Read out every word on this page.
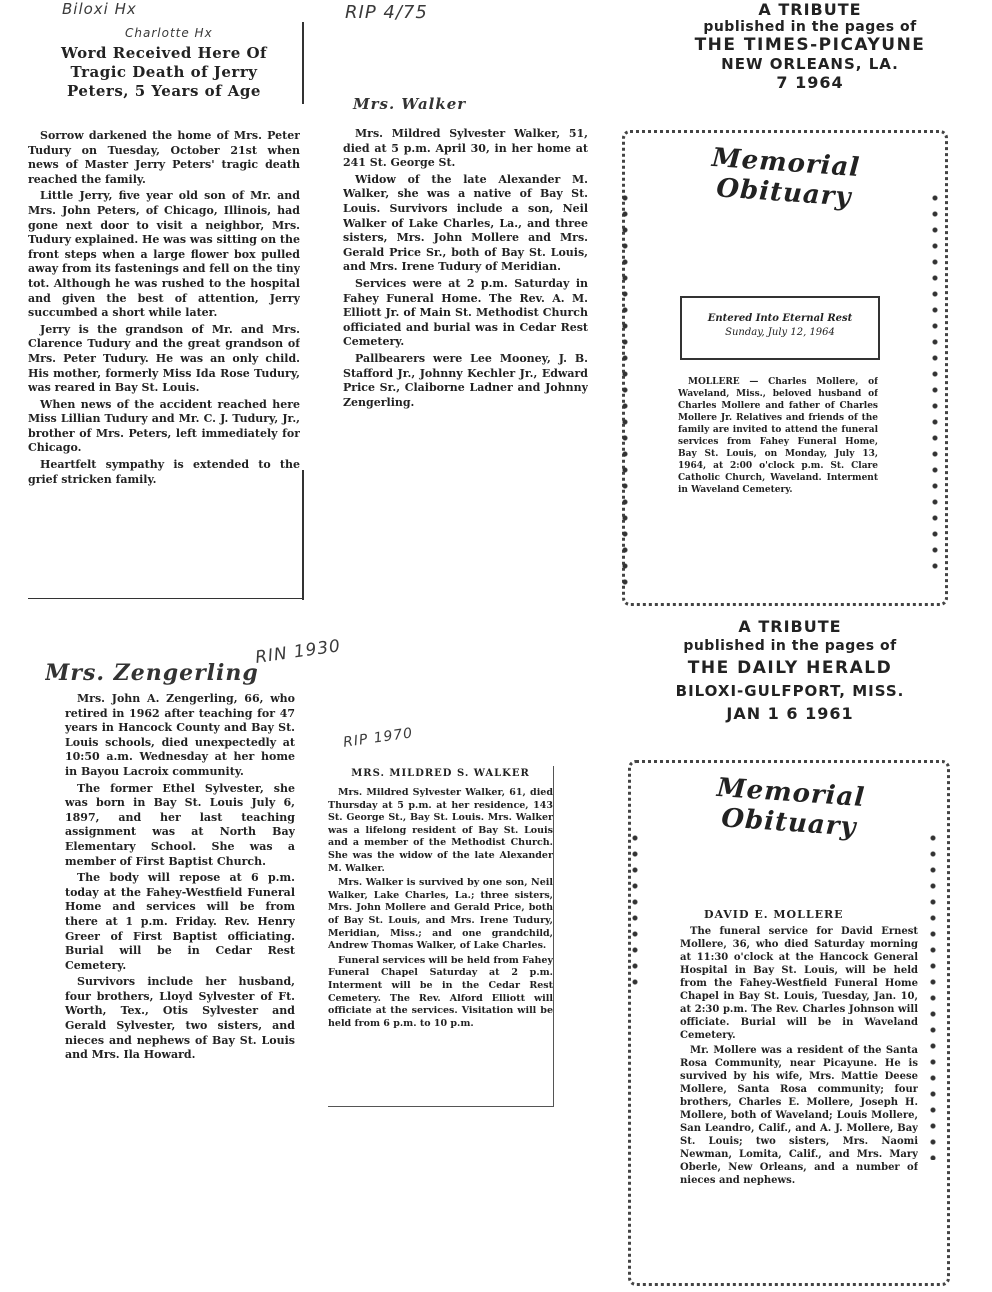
Biloxi Hx
Charlotte Hx
RIP 4/75
RIN 1930
RIP 1970
Word Received Here Of
Tragic Death of Jerry
Peters, 5 Years of Age

Sorrow darkened the home of Mrs. Peter Tudury on Tuesday, October 21st when news of Master Jerry Peters' tragic death reached the family.

Little Jerry, five year old son of Mr. and Mrs. John Peters, of Chicago, Illinois, had gone next door to visit a neighbor, Mrs. Tudury explained. He was was sitting on the front steps when a large flower box pulled away from its fastenings and fell on the tiny tot. Although he was rushed to the hospital and given the best of attention, Jerry succumbed a short while later.

Jerry is the grandson of Mr. and Mrs. Clarence Tudury and the great grandson of Mrs. Peter Tudury. He was an only child. His mother, formerly Miss Ida Rose Tudury, was reared in Bay St. Louis.

When news of the accident reached here Miss Lillian Tudury and Mr. C. J. Tudury, Jr., brother of Mrs. Peters, left immediately for Chicago.

Heartfelt sympathy is extended to the grief stricken family.

Mrs. Walker

Mrs. Mildred Sylvester Walker, 51, died at 5 p.m. April 30, in her home at 241 St. George St.

Widow of the late Alexander M. Walker, she was a native of Bay St. Louis. Survivors include a son, Neil Walker of Lake Charles, La., and three sisters, Mrs. John Mollere and Mrs. Gerald Price Sr., both of Bay St. Louis, and Mrs. Irene Tudury of Meridian.

Services were at 2 p.m. Saturday in Fahey Funeral Home. The Rev. A. M. Elliott Jr. of Main St. Methodist Church officiated and burial was in Cedar Rest Cemetery.

Pallbearers were Lee Mooney, J. B. Stafford Jr., Johnny Kechler Jr., Edward Price Sr., Claiborne Ladner and Johnny Zengerling.

A TRIBUTE
published in the pages of
THE TIMES-PICAYUNE
NEW ORLEANS, LA.
7 1964
Memorial Obituary
Entered Into Eternal Rest
Sunday, July 12, 1964

MOLLERE — Charles Mollere, of Waveland, Miss., beloved husband of Charles Mollere and father of Charles Mollere Jr. Relatives and friends of the family are invited to attend the funeral services from Fahey Funeral Home, Bay St. Louis, on Monday, July 13, 1964, at 2:00 o'clock p.m. St. Clare Catholic Church, Waveland. Interment in Waveland Cemetery.

A TRIBUTE
published in the pages of
THE DAILY HERALD
BILOXI-GULFPORT, MISS.
JAN 1 6 1961
Mrs. Zengerling

Mrs. John A. Zengerling, 66, who retired in 1962 after teaching for 47 years in Hancock County and Bay St. Louis schools, died unexpectedly at 10:50 a.m. Wednesday at her home in Bayou Lacroix community.

The former Ethel Sylvester, she was born in Bay St. Louis July 6, 1897, and her last teaching assignment was at North Bay Elementary School. She was a member of First Baptist Church.

The body will repose at 6 p.m. today at the Fahey-Westfield Funeral Home and services will be from there at 1 p.m. Friday. Rev. Henry Greer of First Baptist officiating. Burial will be in Cedar Rest Cemetery.

Survivors include her husband, four brothers, Lloyd Sylvester of Ft. Worth, Tex., Otis Sylvester and Gerald Sylvester, two sisters, and nieces and nephews of Bay St. Louis and Mrs. Ila Howard.

MRS. MILDRED S. WALKER

Mrs. Mildred Sylvester Walker, 61, died Thursday at 5 p.m. at her residence, 143 St. George St., Bay St. Louis. Mrs. Walker was a lifelong resident of Bay St. Louis and a member of the Methodist Church. She was the widow of the late Alexander M. Walker.

Mrs. Walker is survived by one son, Neil Walker, Lake Charles, La.; three sisters, Mrs. John Mollere and Gerald Price, both of Bay St. Louis, and Mrs. Irene Tudury, Meridian, Miss.; and one grandchild, Andrew Thomas Walker, of Lake Charles.

Funeral services will be held from Fahey Funeral Chapel Saturday at 2 p.m. Interment will be in the Cedar Rest Cemetery. The Rev. Alford Elliott will officiate at the services. Visitation will be held from 6 p.m. to 10 p.m.

Memorial Obituary
DAVID E. MOLLERE

The funeral service for David Ernest Mollere, 36, who died Saturday morning at 11:30 o'clock at the Hancock General Hospital in Bay St. Louis, will be held from the Fahey-Westfield Funeral Home Chapel in Bay St. Louis, Tuesday, Jan. 10, at 2:30 p.m. The Rev. Charles Johnson will officiate. Burial will be in Waveland Cemetery.

Mr. Mollere was a resident of the Santa Rosa Community, near Picayune. He is survived by his wife, Mrs. Mattie Deese Mollere, Santa Rosa community; four brothers, Charles E. Mollere, Joseph H. Mollere, both of Waveland; Louis Mollere, San Leandro, Calif., and A. J. Mollere, Bay St. Louis; two sisters, Mrs. Naomi Newman, Lomita, Calif., and Mrs. Mary Oberle, New Orleans, and a number of nieces and nephews.
